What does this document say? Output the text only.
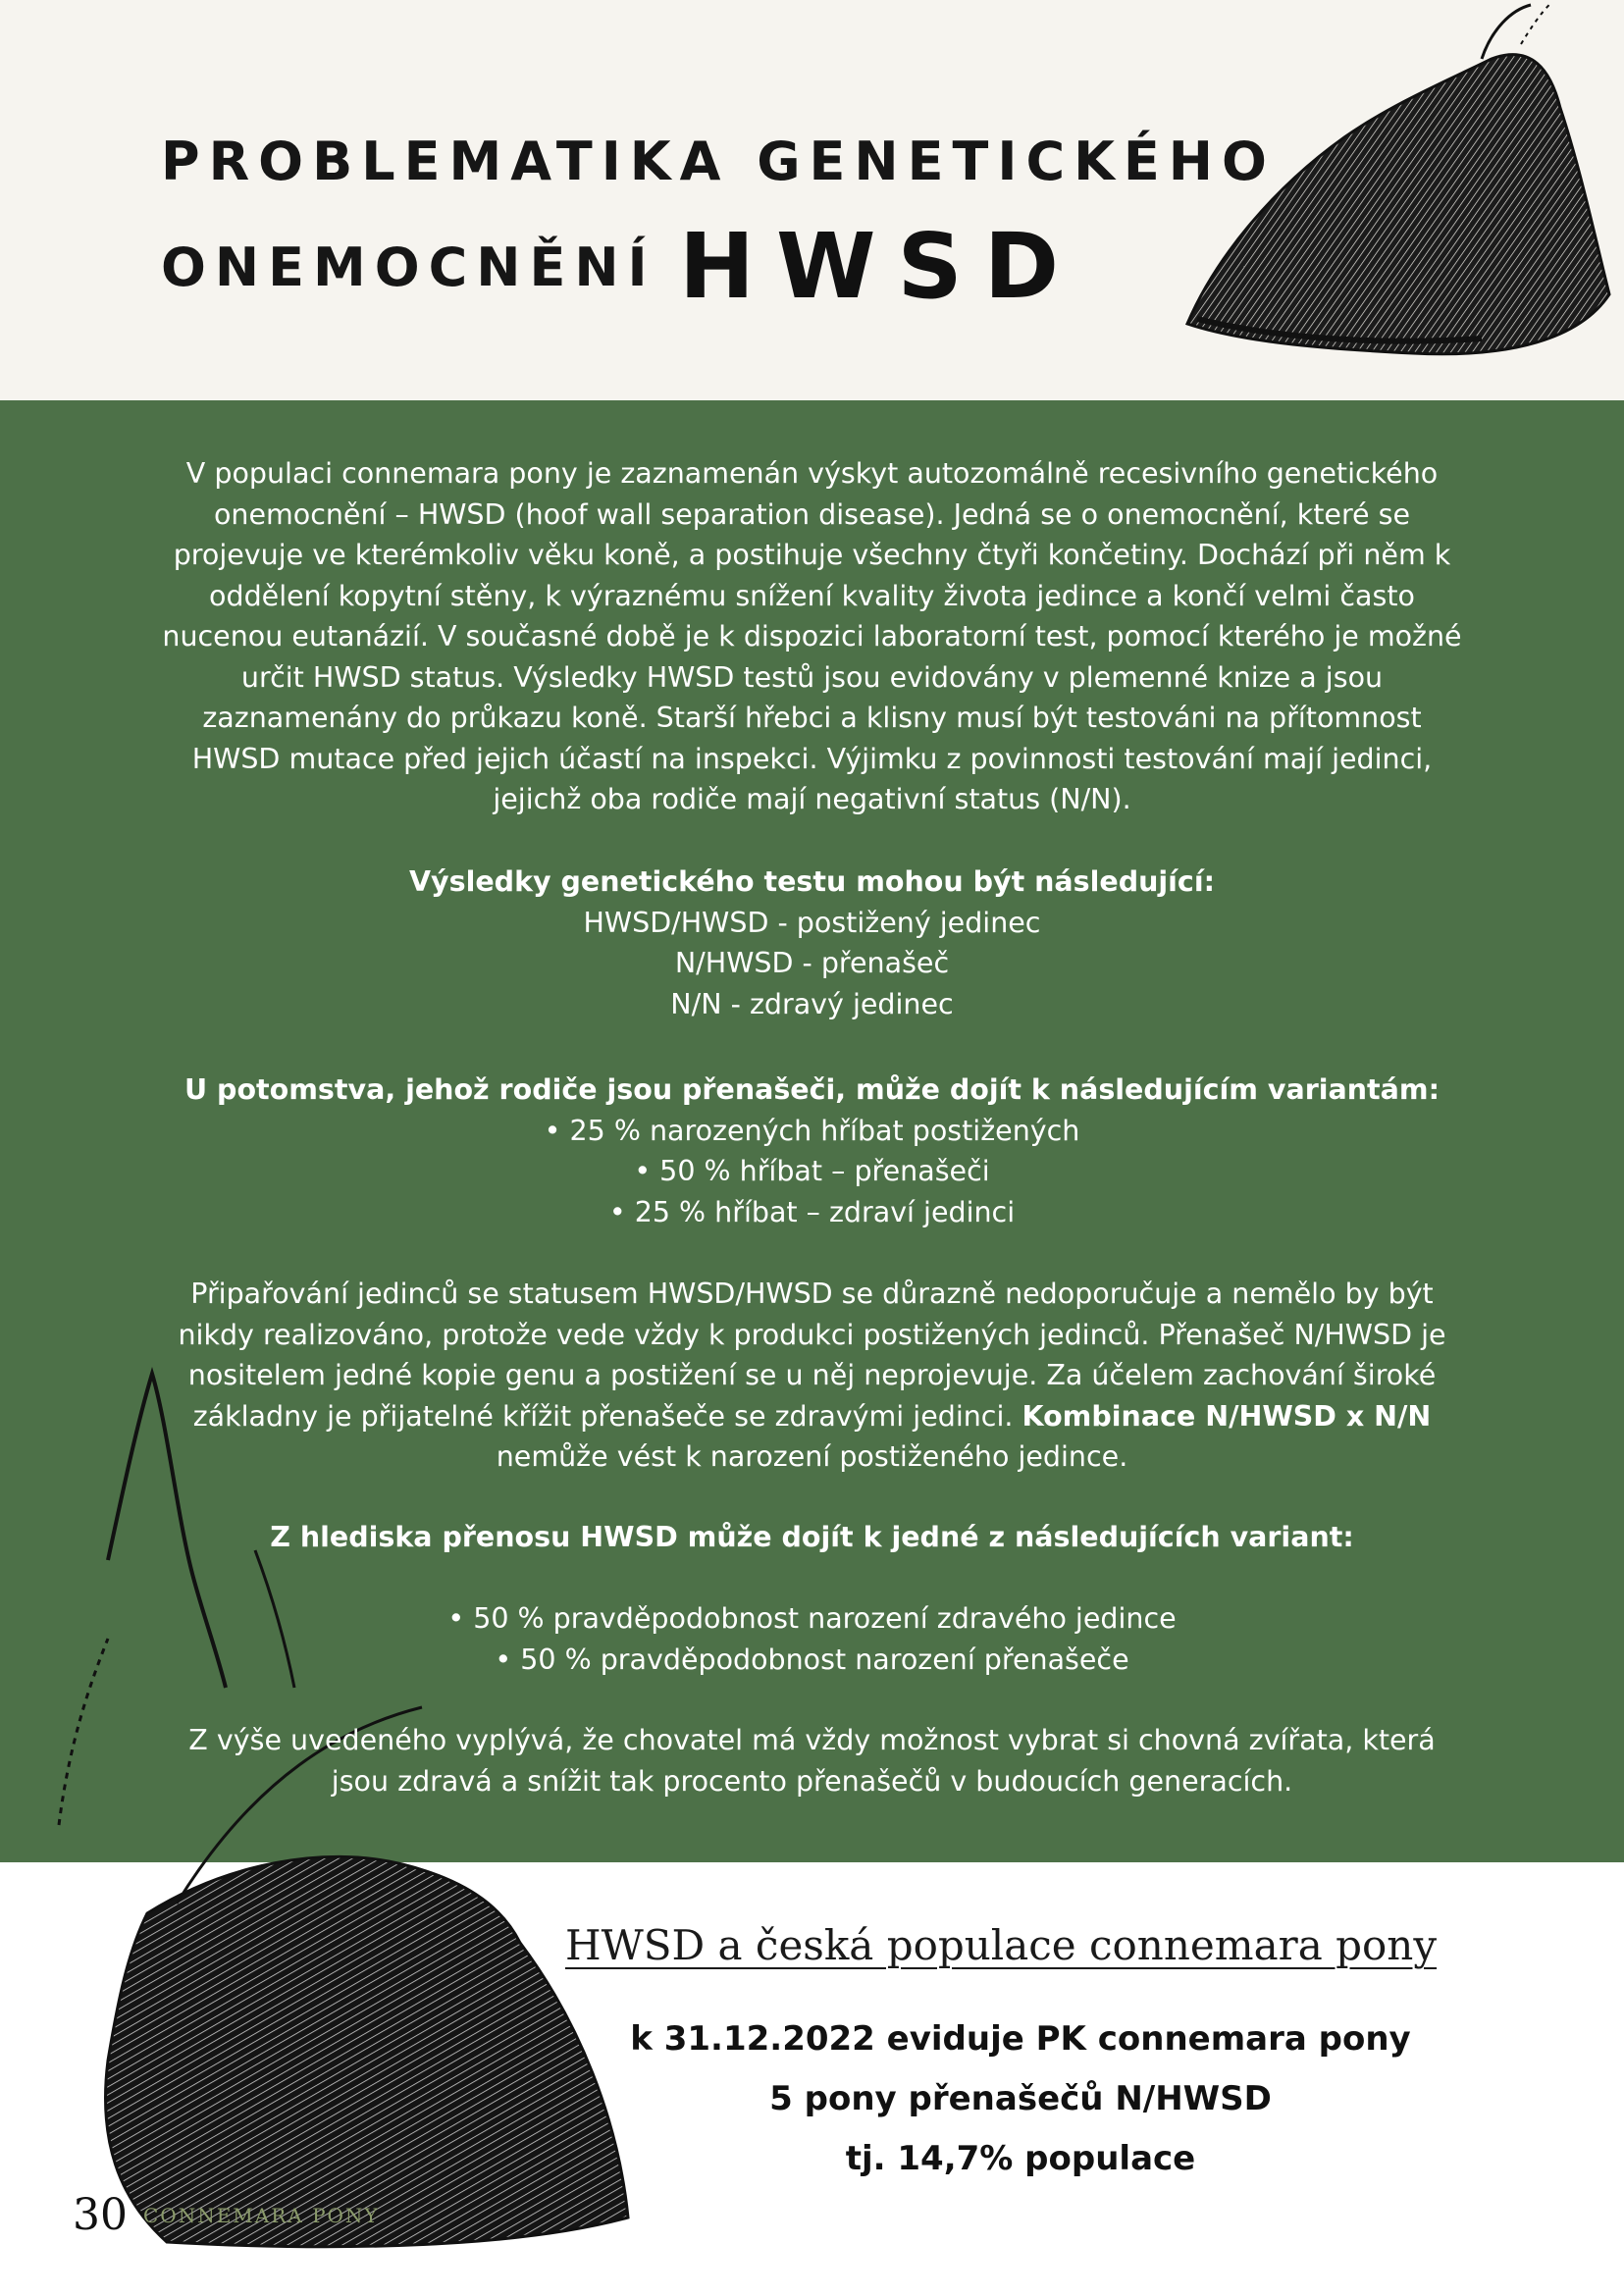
PROBLEMATIKA GENETICKÉHO
ONEMOCNĚNÍ HWSD

V populaci connemara pony je zaznamenán výskyt autozomálně recesivního genetického onemocnění – HWSD (hoof wall separation disease). Jedná se o onemocnění, které se projevuje ve kterémkoliv věku koně, a postihuje všechny čtyři končetiny. Dochází při něm k oddělení kopytní stěny, k výraznému snížení kvality života jedince a končí velmi často nucenou eutanázií. V současné době je k dispozici laboratorní test, pomocí kterého je možné určit HWSD status. Výsledky HWSD testů jsou evidovány v plemenné knize a jsou zaznamenány do průkazu koně. Starší hřebci a klisny musí být testováni na přítomnost HWSD mutace před jejich účastí na inspekci. Výjimku z povinnosti testování mají jedinci, jejichž oba rodiče mají negativní status (N/N).

Výsledky genetického testu mohou být následující:

HWSD/HWSD - postižený jedinec

N/HWSD - přenašeč

N/N - zdravý jedinec

U potomstva, jehož rodiče jsou přenašeči, může dojít k následujícím variantám:

• 25 % narozených hříbat postižených

• 50 % hříbat – přenašeči

• 25 % hříbat – zdraví jedinci

Připařování jedinců se statusem HWSD/HWSD se důrazně nedoporučuje a nemělo by být nikdy realizováno, protože vede vždy k produkci postižených jedinců. Přenašeč N/HWSD je nositelem jedné kopie genu a postižení se u něj neprojevuje. Za účelem zachování široké základny je přijatelné křížit přenašeče se zdravými jedinci. Kombinace N/HWSD x N/N nemůže vést k narození postiženého jedince.

Z hlediska přenosu HWSD může dojít k jedné z následujících variant:

• 50 % pravděpodobnost narození zdravého jedince

• 50 % pravděpodobnost narození přenašeče

Z výše uvedeného vyplývá, že chovatel má vždy možnost vybrat si chovná zvířata, která jsou zdravá a snížit tak procento přenašečů v budoucích generacích.

HWSD a česká populace connemara pony
k 31.12.2022 eviduje PK connemara pony
5 pony přenašečů N/HWSD
tj. 14,7% populace
30 CONNEMARA PONY
